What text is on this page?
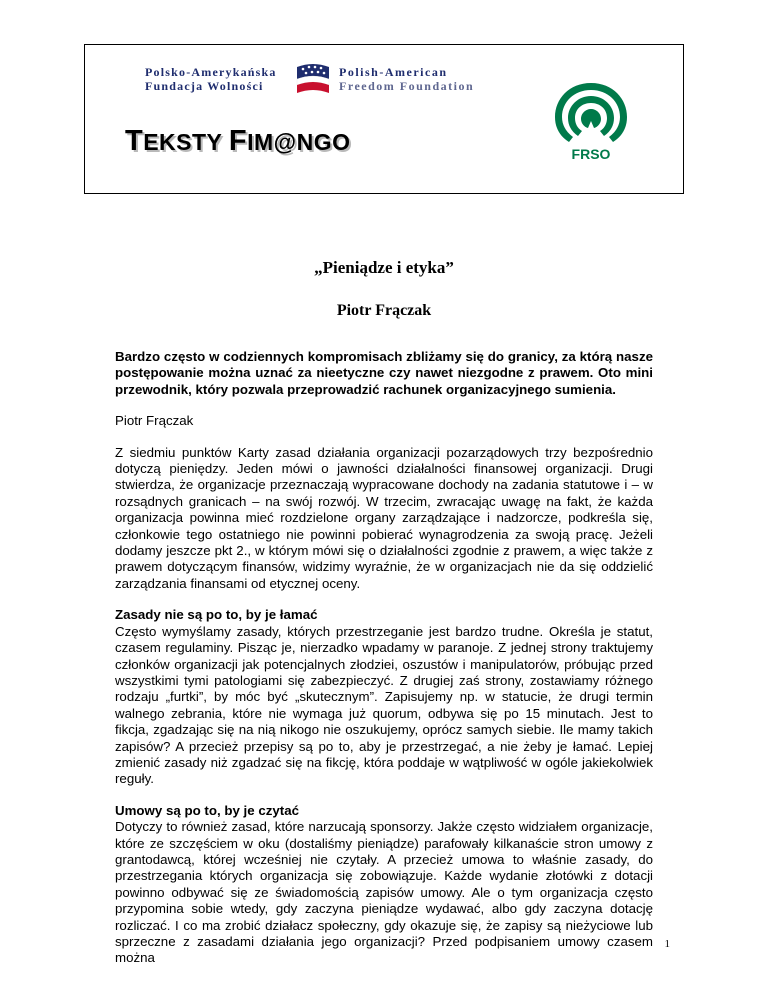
Polsko-Amerykańska
Fundacja Wolności
Polish-American
Freedom Foundation
TEKSTY FIM@NGO	FRSO
„Pieniądze i etyka”
Piotr Frączak

Bardzo często w codziennych kompromisach zbliżamy się do granicy, za którą nasze postępowanie można uznać za nieetyczne czy nawet niezgodne z prawem. Oto mini przewodnik, który pozwala przeprowadzić rachunek organizacyjnego sumienia.

Piotr Frączak

Z siedmiu punktów Karty zasad działania organizacji pozarządowych trzy bezpośrednio dotyczą pieniędzy. Jeden mówi o jawności działalności finansowej organizacji. Drugi stwierdza, że organizacje przeznaczają wypracowane dochody na zadania statutowe i – w rozsądnych granicach – na swój rozwój. W trzecim, zwracając uwagę na fakt, że każda organizacja powinna mieć rozdzielone organy zarządzające i nadzorcze, podkreśla się, członkowie tego ostatniego nie powinni pobierać wynagrodzenia za swoją pracę. Jeżeli dodamy jeszcze pkt 2., w którym mówi się o działalności zgodnie z prawem, a więc także z prawem dotyczącym finansów, widzimy wyraźnie, że w organizacjach nie da się oddzielić zarządzania finansami od etycznej oceny.

Zasady nie są po to, by je łamać
Często wymyślamy zasady, których przestrzeganie jest bardzo trudne. Określa je statut, czasem regulaminy. Pisząc je, nierzadko wpadamy w paranoje. Z jednej strony traktujemy członków organizacji jak potencjalnych złodziei, oszustów i manipulatorów, próbując przed wszystkimi tymi patologiami się zabezpieczyć. Z drugiej zaś strony, zostawiamy różnego rodzaju „furtki”, by móc być „skutecznym”. Zapisujemy np. w statucie, że drugi termin walnego zebrania, które nie wymaga już quorum, odbywa się po 15 minutach. Jest to fikcja, zgadzając się na nią nikogo nie oszukujemy, oprócz samych siebie. Ile mamy takich zapisów? A przecież przepisy są po to, aby je przestrzegać, a nie żeby je łamać. Lepiej zmienić zasady niż zgadzać się na fikcję, która poddaje w wątpliwość w ogóle jakiekolwiek reguły.

Umowy są po to, by je czytać
Dotyczy to również zasad, które narzucają sponsorzy. Jakże często widziałem organizacje, które ze szczęściem w oku (dostaliśmy pieniądze) parafowały kilkanaście stron umowy z grantodawcą, której wcześniej nie czytały. A przecież umowa to właśnie zasady, do przestrzegania których organizacja się zobowiązuje. Każde wydanie złotówki z dotacji powinno odbywać się ze świadomością zapisów umowy. Ale o tym organizacja często przypomina sobie wtedy, gdy zaczyna pieniądze wydawać, albo gdy zaczyna dotację rozliczać. I co ma zrobić działacz społeczny, gdy okazuje się, że zapisy są nieżyciowe lub sprzeczne z zasadami działania jego organizacji? Przed podpisaniem umowy czasem można

1
